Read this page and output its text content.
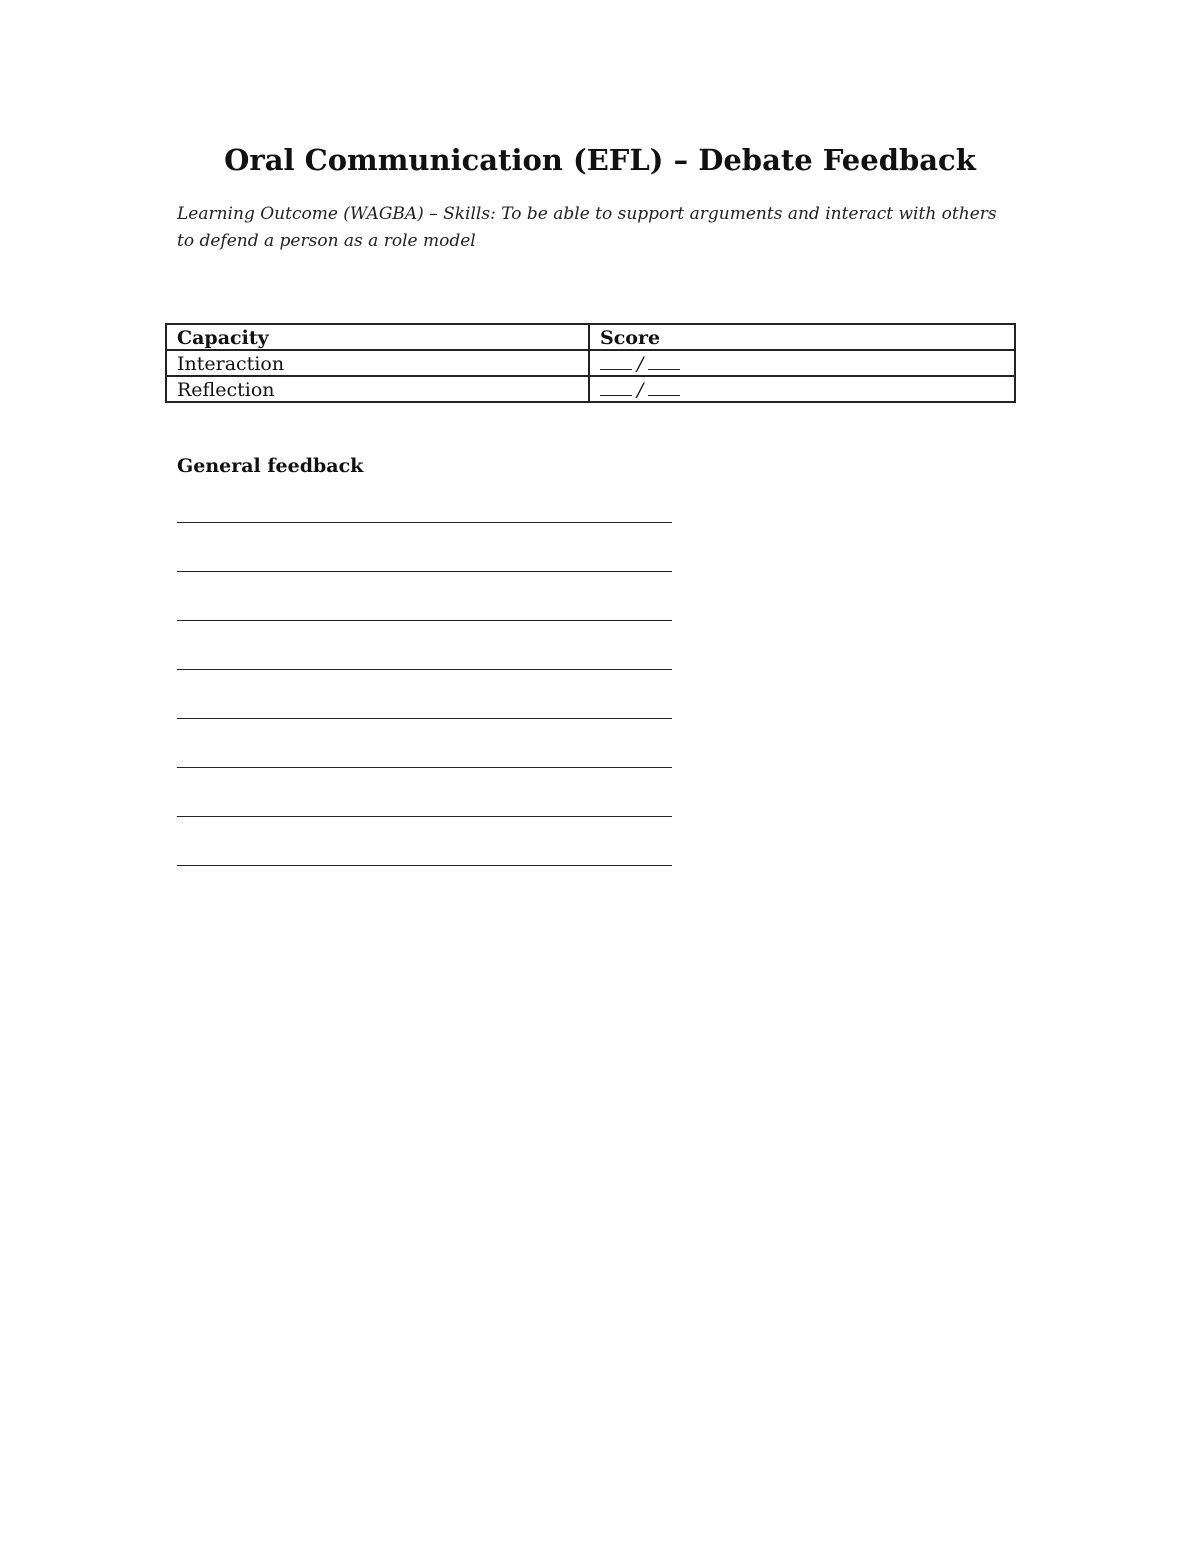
Oral Communication (EFL) – Debate Feedback

Learning Outcome (WAGBA) – Skills: To be able to support arguments and interact with others to defend a person as a role model

Capacity	Score
Interaction	/
Reflection	/
General feedback
